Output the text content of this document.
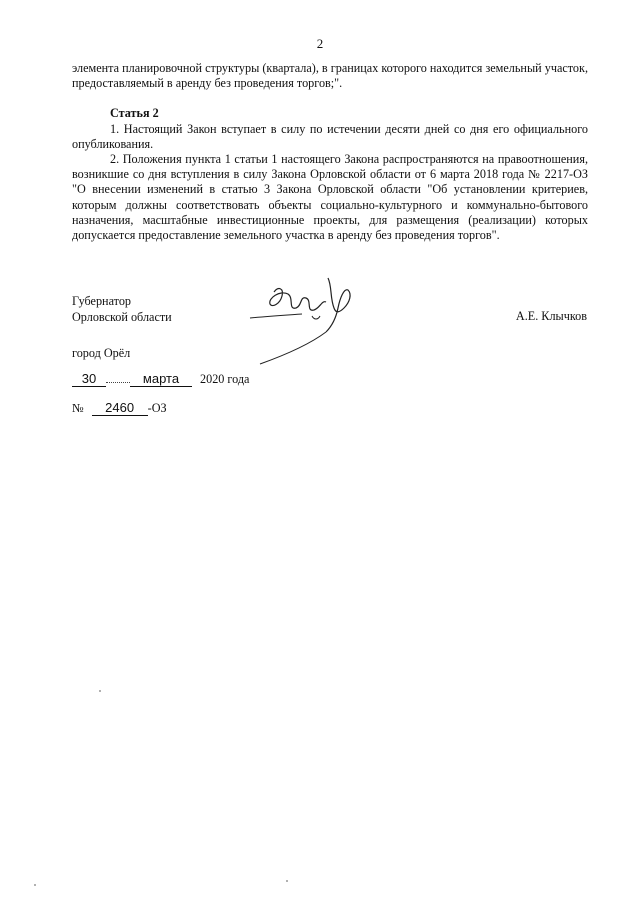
2

элемента планировочной структуры (квартала), в границах которого находится земельный участок, предоставляемый в аренду без проведения торгов;".

Статья 2

1. Настоящий Закон вступает в силу по истечении десяти дней со дня его официального опубликования.

2. Положения пункта 1 статьи 1 настоящего Закона распространяются на правоотношения, возникшие со дня вступления в силу Закона Орловской области от 6 марта 2018 года № 2217-ОЗ "О внесении изменений в статью 3 Закона Орловской области "Об установлении критериев, которым должны соответствовать объекты социально-культурного и коммунально-бытового назначения, масштабные инвестиционные проекты, для размещения (реализации) которых допускается предоставление земельного участка в аренду без проведения торгов".

Губернатор
Орловской области	А.Е. Клычков
город Орёл
30	марта	2020 года
№	2460	-ОЗ
